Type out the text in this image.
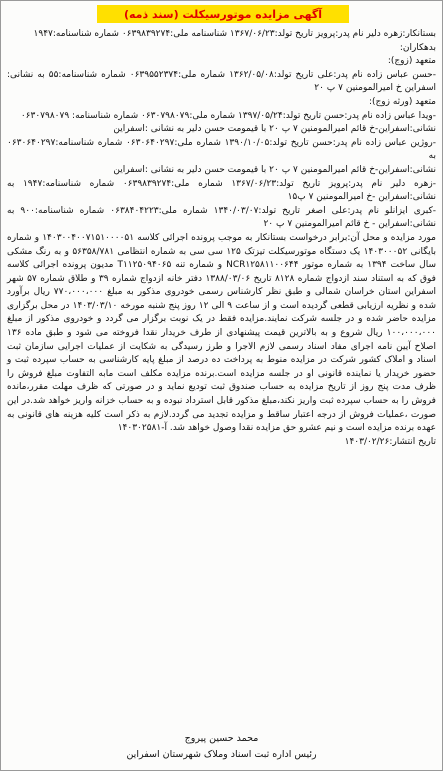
آگهی مزایده موتورسیکلت (سند ذمه)

بستانکار:زهره دلیر نام پدر:پرویز تاریخ تولد:۱۳۶۷/۰۶/۲۳ شناسنامه ملی:۰۶۳۹۸۳۹۲۷۴ شماره شناسنامه:۱۹۴۷

بدهکاران:

متعهد (زوج):

-حسن عباس زاده نام پدر:علی تاریخ تولد:۱۳۶۲/۰۵/۰۸ شماره ملی:۰۶۳۹۵۵۲۳۷۴ شماره شناسنامه:۵۵ به نشانی: اسفراین خ امیرالمومنین ۷ پ ۲۰

متعهد (ورثه زوج):

-ویدا عباس زاده نام پدر:حسن تاریخ تولد:۱۳۹۷/۰۵/۲۴ شماره ملی:۰۶۳۰۷۹۸۰۷۹ شماره شناسنامه: ۰۶۳۰۷۹۸۰۷۹

نشانی:اسفراین-خ قائم امیرالمومنین ۷ پ ۲۰ با قیمومت حسن دلیر به نشانی :اسفراین

-روژین عباس زاده نام پدر:حسن تاریخ تولد:۱۳۹۰/۱۰/۰۵ شماره ملی:۰۶۳۰۶۴۰۲۹۷ شماره شناسنامه:۰۶۳۰۶۴۰۲۹۷ به

نشانی:اسفراین-خ قائم امیرالمومنین ۷ پ ۲۰ با قیمومت حسن دلیر به نشانی :اسفراین

-زهره دلیر نام پدر:پرویز تاریخ تولد:۱۳۶۷/۰۶/۲۳ شماره ملی:۰۶۳۹۸۳۹۲۷۴ شماره شناسنامه:۱۹۴۷ به نشانی:اسفراین -خ امیرالمومنین ۷ پ۱۵

-کبری ایزانلو نام پدر:علی اصغر تاریخ تولد:۱۳۴۰/۰۳/۰۷ شماره ملی:۰۶۳۸۴۰۴۲۲۳ شماره شناسنامه:۹۰۰ به نشانی:اسفراین - خ قائم امیرالمومنین ۷ پ ۲۰

مورد مزایده و محل آن:برابر درخواست بستانکار به موجب پرونده اجرائی کلاسه ۱۴۰۳۰۰۴۰۰۷۱۵۱۰۰۰۰۵۱ و شماره بایگانی ۱۴۰۳۰۰۰۵۲ یک دستگاه موتورسیکلت تیزتک ۱۲۵ سی سی به شماره انتظامی ۵۶۳۵۸/۷۸۱ و به رنگ مشکی سال ساخت ۱۳۹۴ به شماره موتور NCR۱۲۵۸۱۱۰۰۶۴۴ و شماره تنه T۱۱۲۵۰۹۴۰۶۵ مدیون پرونده اجرائی کلاسه فوق که به استناد سند ازدواج شماره ۸۱۲۸ تاریخ ۱۳۸۸/۰۳/۰۶ دفتر خانه ازدواج شماره ۳۹ و طلاق شماره ۵۷ شهر اسفراین استان خراسان شمالی و طبق نظر کارشناس رسمی خودروی مذکور به مبلغ ۷۷۰،۰۰۰،۰۰۰ ریال برآورد شده و نظریه ارزیابی قطعی گردیده است و از ساعت ۹ الی ۱۲ روز پنج شنبه مورخه ۱۴۰۳/۰۳/۱۰ در محل برگزاری مزایده حاضر شده و در جلسه شرکت نمایند.مزایده فقط در یک نوبت برگزار می گردد و خودروی مذکور از مبلغ ۱۰۰،۰۰۰،۰۰۰ ریال شروع و به بالاترین قیمت پیشنهادی از طرف خریدار نقدا فروخته می شود و طبق ماده ۱۳۶ اصلاح آیین نامه اجرای مفاد اسناد رسمی لازم الاجرا و طرز رسیدگی به شکایت از عملیات اجرایی سازمان ثبت اسناد و املاک کشور شرکت در مزایده منوط به پرداخت ده درصد از مبلغ پایه کارشناسی به حساب سپرده ثبت و حضور خریدار یا نماینده قانونی او در جلسه مزایده است.برنده مزایده مکلف است مابه التفاوت مبلغ فروش را ظرف مدت پنج روز از تاریخ مزایده به حساب صندوق ثبت تودیع نماید و در صورتی که ظرف مهلت مقرر،مانده فروش را به حساب سپرده ثبت واریز نکند،مبلغ مذکور قابل استرداد نبوده و به حساب خزانه واریز خواهد شد.در این صورت ،عملیات فروش از درجه اعتبار ساقط و مزایده تجدید می گردد.لازم به ذکر است کلیه هزینه های قانونی به عهده برنده مزایده است و نیم عشرو حق مزایده نقدا وصول خواهد شد. آ-۱۴۰۳۰۲۵۸۱

تاریخ انتشار:۱۴۰۳/۰۲/۲۶

محمد حسین پیروج
رئیس اداره ثبت اسناد وملاک شهرستان اسفراین
